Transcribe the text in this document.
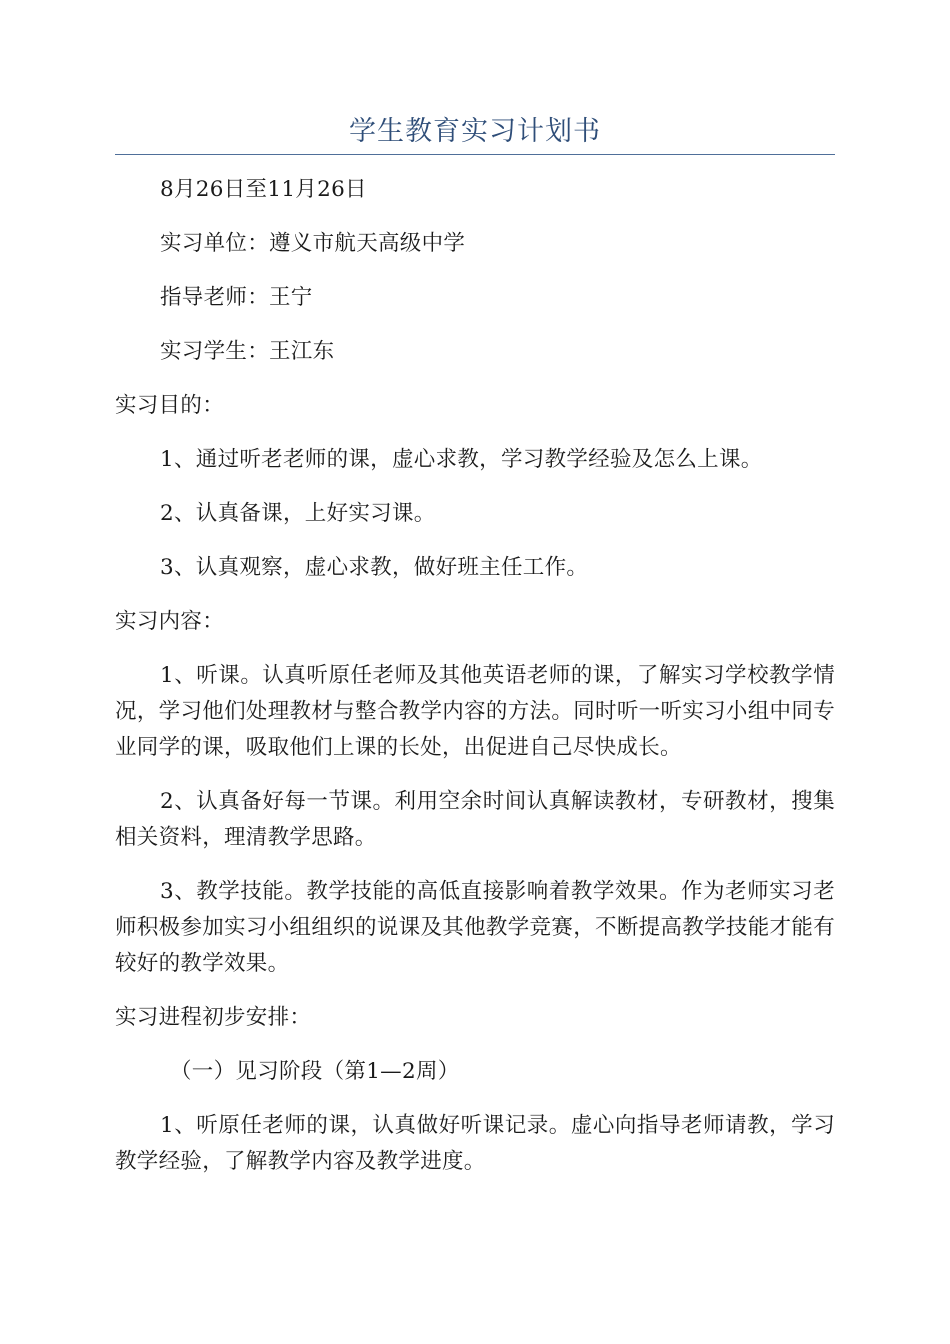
学生教育实习计划书

8月26日至11月26日

实习单位：遵义市航天高级中学

指导老师：王宁

实习学生：王江东

实习目的：

1、通过听老老师的课，虚心求教，学习教学经验及怎么上课。

2、认真备课，上好实习课。

3、认真观察，虚心求教，做好班主任工作。

实习内容：

1、听课。认真听原任老师及其他英语老师的课，了解实习学校教学情况，学习他们处理教材与整合教学内容的方法。同时听一听实习小组中同专业同学的课，吸取他们上课的长处，出促进自己尽快成长。

2、认真备好每一节课。利用空余时间认真解读教材，专研教材，搜集相关资料，理清教学思路。

3、教学技能。教学技能的高低直接影响着教学效果。作为老师实习老师积极参加实习小组组织的说课及其他教学竞赛，不断提高教学技能才能有较好的教学效果。

实习进程初步安排：

（一）见习阶段（第1—2周）

1、听原任老师的课，认真做好听课记录。虚心向指导老师请教，学习教学经验，了解教学内容及教学进度。
